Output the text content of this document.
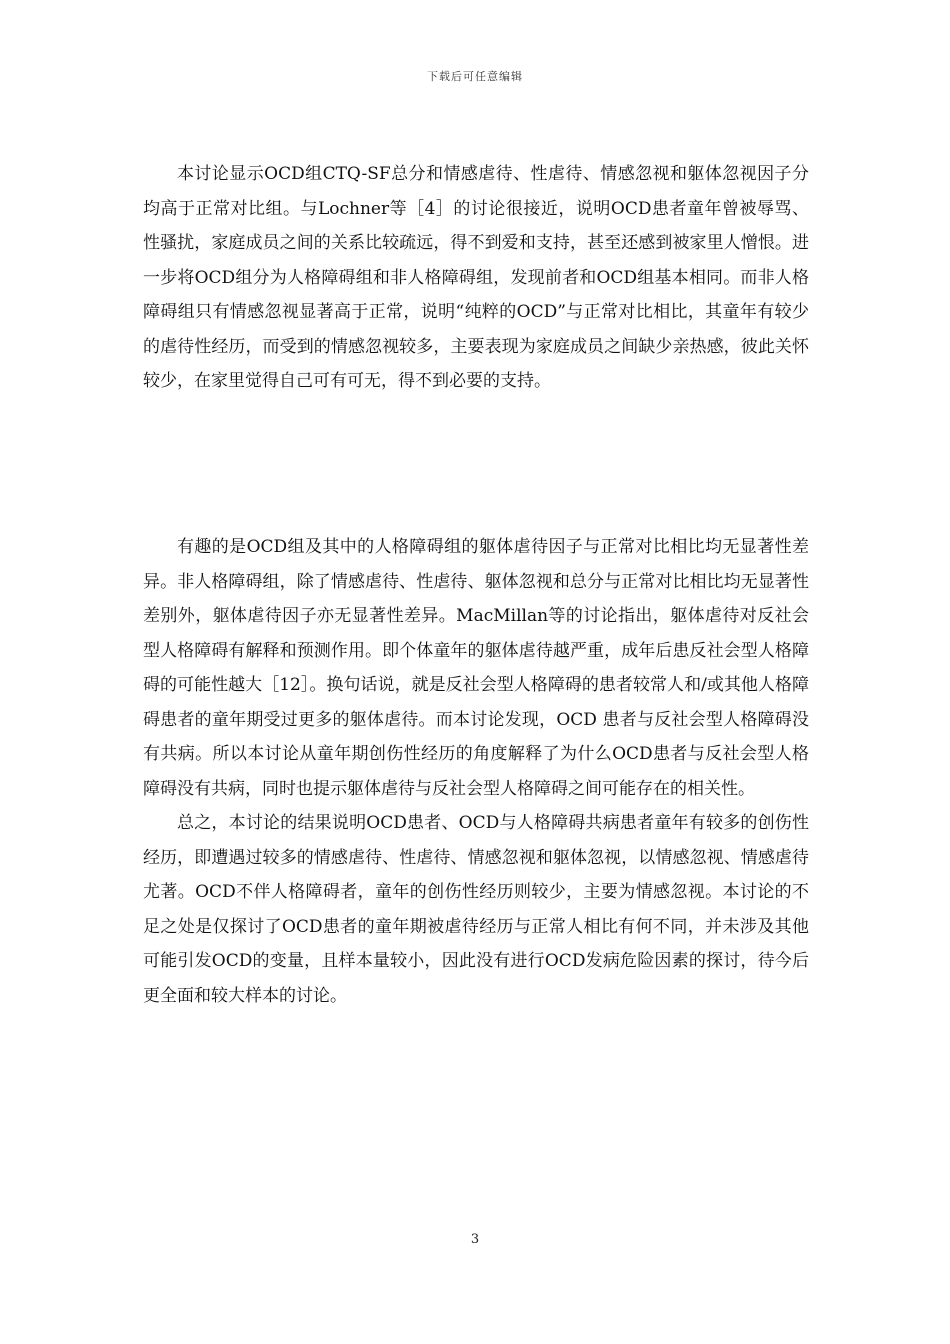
下载后可任意编辑

本讨论显示OCD组CTQ-SF总分和情感虐待、性虐待、情感忽视和躯体忽视因子分均高于正常对比组。与Lochner等［4］的讨论很接近，说明OCD患者童年曾被辱骂、性骚扰，家庭成员之间的关系比较疏远，得不到爱和支持，甚至还感到被家里人憎恨。进一步将OCD组分为人格障碍组和非人格障碍组，发现前者和OCD组基本相同。而非人格障碍组只有情感忽视显著高于正常，说明“纯粹的OCD”与正常对比相比，其童年有较少的虐待性经历，而受到的情感忽视较多，主要表现为家庭成员之间缺少亲热感，彼此关怀较少，在家里觉得自己可有可无，得不到必要的支持。

有趣的是OCD组及其中的人格障碍组的躯体虐待因子与正常对比相比均无显著性差异。非人格障碍组，除了情感虐待、性虐待、躯体忽视和总分与正常对比相比均无显著性差别外，躯体虐待因子亦无显著性差异。MacMillan等的讨论指出，躯体虐待对反社会型人格障碍有解释和预测作用。即个体童年的躯体虐待越严重，成年后患反社会型人格障碍的可能性越大［12］。换句话说，就是反社会型人格障碍的患者较常人和/或其他人格障碍患者的童年期受过更多的躯体虐待。而本讨论发现，OCD 患者与反社会型人格障碍没有共病。所以本讨论从童年期创伤性经历的角度解释了为什么OCD患者与反社会型人格障碍没有共病，同时也提示躯体虐待与反社会型人格障碍之间可能存在的相关性。

总之，本讨论的结果说明OCD患者、OCD与人格障碍共病患者童年有较多的创伤性经历，即遭遇过较多的情感虐待、性虐待、情感忽视和躯体忽视，以情感忽视、情感虐待尤著。OCD不伴人格障碍者，童年的创伤性经历则较少，主要为情感忽视。本讨论的不足之处是仅探讨了OCD患者的童年期被虐待经历与正常人相比有何不同，并未涉及其他可能引发OCD的变量，且样本量较小，因此没有进行OCD发病危险因素的探讨，待今后更全面和较大样本的讨论。

3
